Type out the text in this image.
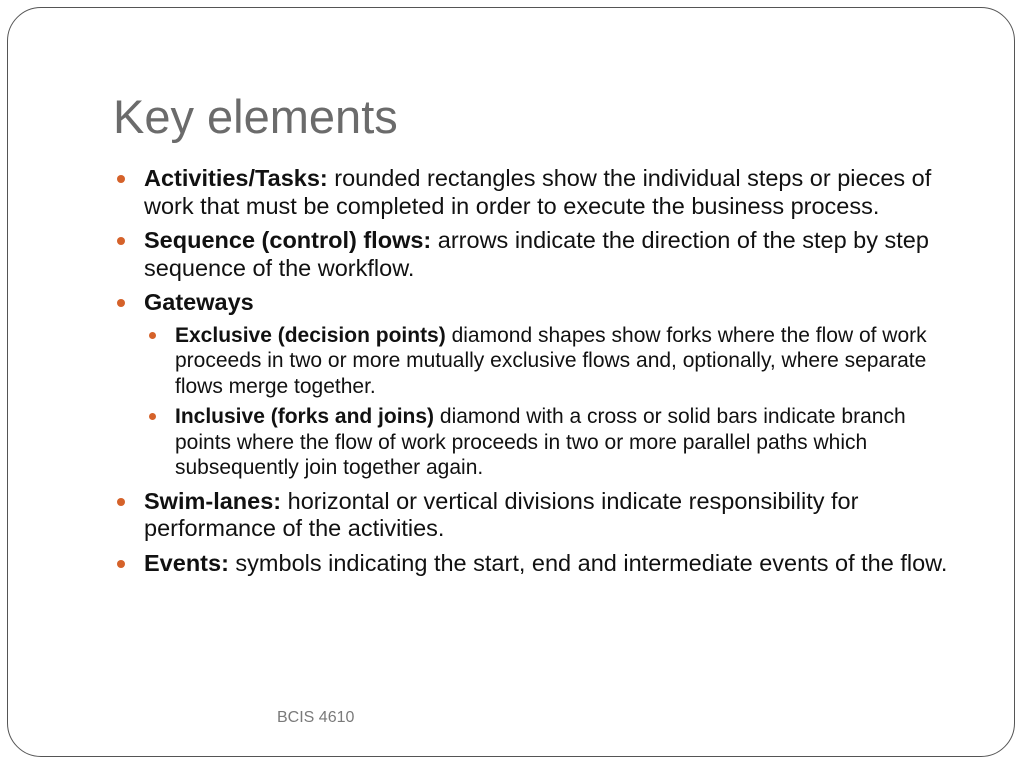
Key elements
Activities/Tasks: rounded rectangles show the individual steps or pieces of work that must be completed in order to execute the business process.
Sequence (control) flows: arrows indicate the direction of the step by step sequence of the workflow.
Gateways
Exclusive (decision points) diamond shapes show forks where the flow of work proceeds in two or more mutually exclusive flows and, optionally, where separate flows merge together.
Inclusive (forks and joins) diamond with a cross or solid bars indicate branch points where the flow of work proceeds in two or more parallel paths which subsequently join together again.
Swim-lanes: horizontal or vertical divisions indicate responsibility for performance of the activities.
Events: symbols indicating the start, end and intermediate events of the flow.
BCIS 4610
